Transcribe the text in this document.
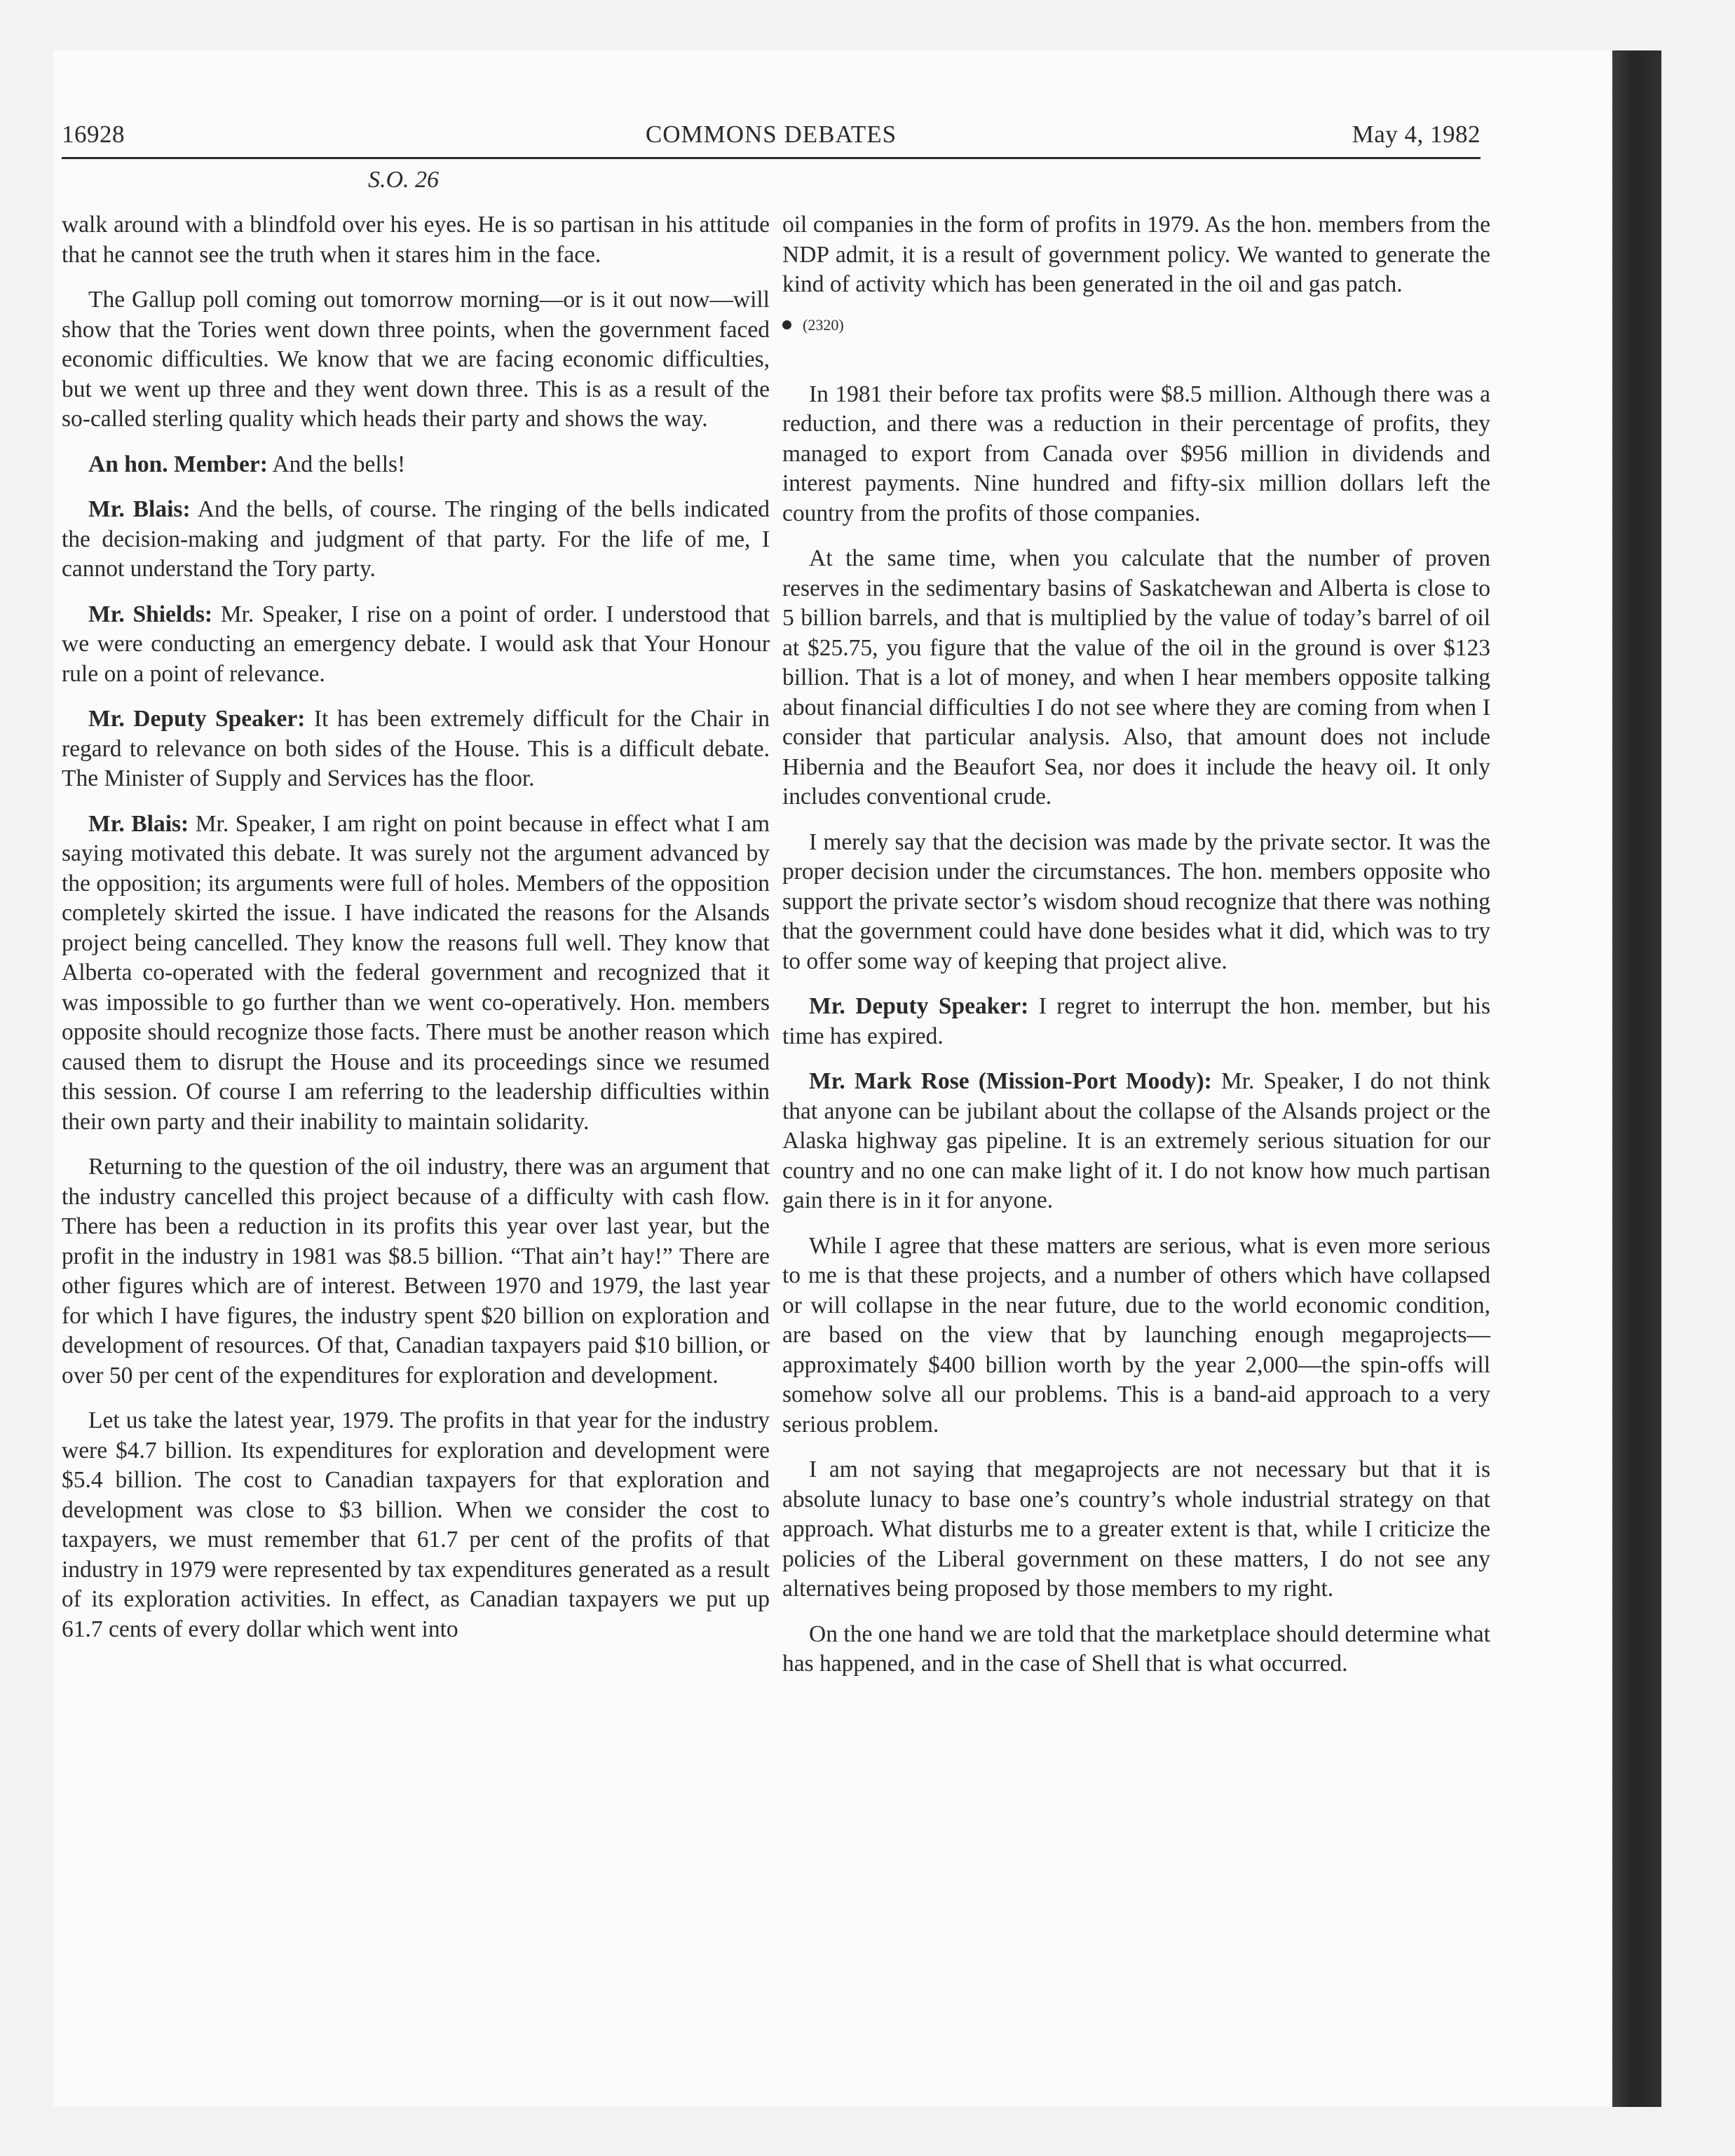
16928	COMMONS DEBATES	May 4, 1982
S.O. 26

walk around with a blindfold over his eyes. He is so partisan in his attitude that he cannot see the truth when it stares him in the face.

The Gallup poll coming out tomorrow morning—or is it out now—will show that the Tories went down three points, when the government faced economic difficulties. We know that we are facing economic difficulties, but we went up three and they went down three. This is as a result of the so-called sterling quality which heads their party and shows the way.

An hon. Member: And the bells!

Mr. Blais: And the bells, of course. The ringing of the bells indicated the decision-making and judgment of that party. For the life of me, I cannot understand the Tory party.

Mr. Shields: Mr. Speaker, I rise on a point of order. I understood that we were conducting an emergency debate. I would ask that Your Honour rule on a point of relevance.

Mr. Deputy Speaker: It has been extremely difficult for the Chair in regard to relevance on both sides of the House. This is a difficult debate. The Minister of Supply and Services has the floor.

Mr. Blais: Mr. Speaker, I am right on point because in effect what I am saying motivated this debate. It was surely not the argument advanced by the opposition; its arguments were full of holes. Members of the opposition completely skirted the issue. I have indicated the reasons for the Alsands project being cancelled. They know the reasons full well. They know that Alberta co-operated with the federal government and recognized that it was impossible to go further than we went co-operatively. Hon. members opposite should recognize those facts. There must be another reason which caused them to disrupt the House and its proceedings since we resumed this session. Of course I am referring to the leadership difficulties within their own party and their inability to maintain solidarity.

Returning to the question of the oil industry, there was an argument that the industry cancelled this project because of a difficulty with cash flow. There has been a reduction in its profits this year over last year, but the profit in the industry in 1981 was $8.5 billion. “That ain’t hay!” There are other figures which are of interest. Between 1970 and 1979, the last year for which I have figures, the industry spent $20 billion on exploration and development of resources. Of that, Canadian taxpayers paid $10 billion, or over 50 per cent of the expenditures for exploration and development.

Let us take the latest year, 1979. The profits in that year for the industry were $4.7 billion. Its expenditures for exploration and development were $5.4 billion. The cost to Canadian taxpayers for that exploration and development was close to $3 billion. When we consider the cost to taxpayers, we must remember that 61.7 per cent of the profits of that industry in 1979 were represented by tax expenditures generated as a result of its exploration activities. In effect, as Canadian taxpayers we put up 61.7 cents of every dollar which went into

oil companies in the form of profits in 1979. As the hon. members from the NDP admit, it is a result of government policy. We wanted to generate the kind of activity which has been generated in the oil and gas patch.

(2320)

In 1981 their before tax profits were $8.5 million. Although there was a reduction, and there was a reduction in their percentage of profits, they managed to export from Canada over $956 million in dividends and interest payments. Nine hundred and fifty-six million dollars left the country from the profits of those companies.

At the same time, when you calculate that the number of proven reserves in the sedimentary basins of Saskatchewan and Alberta is close to 5 billion barrels, and that is multiplied by the value of today’s barrel of oil at $25.75, you figure that the value of the oil in the ground is over $123 billion. That is a lot of money, and when I hear members opposite talking about financial difficulties I do not see where they are coming from when I consider that particular analysis. Also, that amount does not include Hibernia and the Beaufort Sea, nor does it include the heavy oil. It only includes conventional crude.

I merely say that the decision was made by the private sector. It was the proper decision under the circumstances. The hon. members opposite who support the private sector’s wisdom shoud recognize that there was nothing that the government could have done besides what it did, which was to try to offer some way of keeping that project alive.

Mr. Deputy Speaker: I regret to interrupt the hon. member, but his time has expired.

Mr. Mark Rose (Mission-Port Moody): Mr. Speaker, I do not think that anyone can be jubilant about the collapse of the Alsands project or the Alaska highway gas pipeline. It is an extremely serious situation for our country and no one can make light of it. I do not know how much partisan gain there is in it for anyone.

While I agree that these matters are serious, what is even more serious to me is that these projects, and a number of others which have collapsed or will collapse in the near future, due to the world economic condition, are based on the view that by launching enough megaprojects—approximately $400 billion worth by the year 2,000—the spin-offs will somehow solve all our problems. This is a band-aid approach to a very serious problem.

I am not saying that megaprojects are not necessary but that it is absolute lunacy to base one’s country’s whole industrial strategy on that approach. What disturbs me to a greater extent is that, while I criticize the policies of the Liberal government on these matters, I do not see any alternatives being proposed by those members to my right.

On the one hand we are told that the marketplace should determine what has happened, and in the case of Shell that is what occurred.
